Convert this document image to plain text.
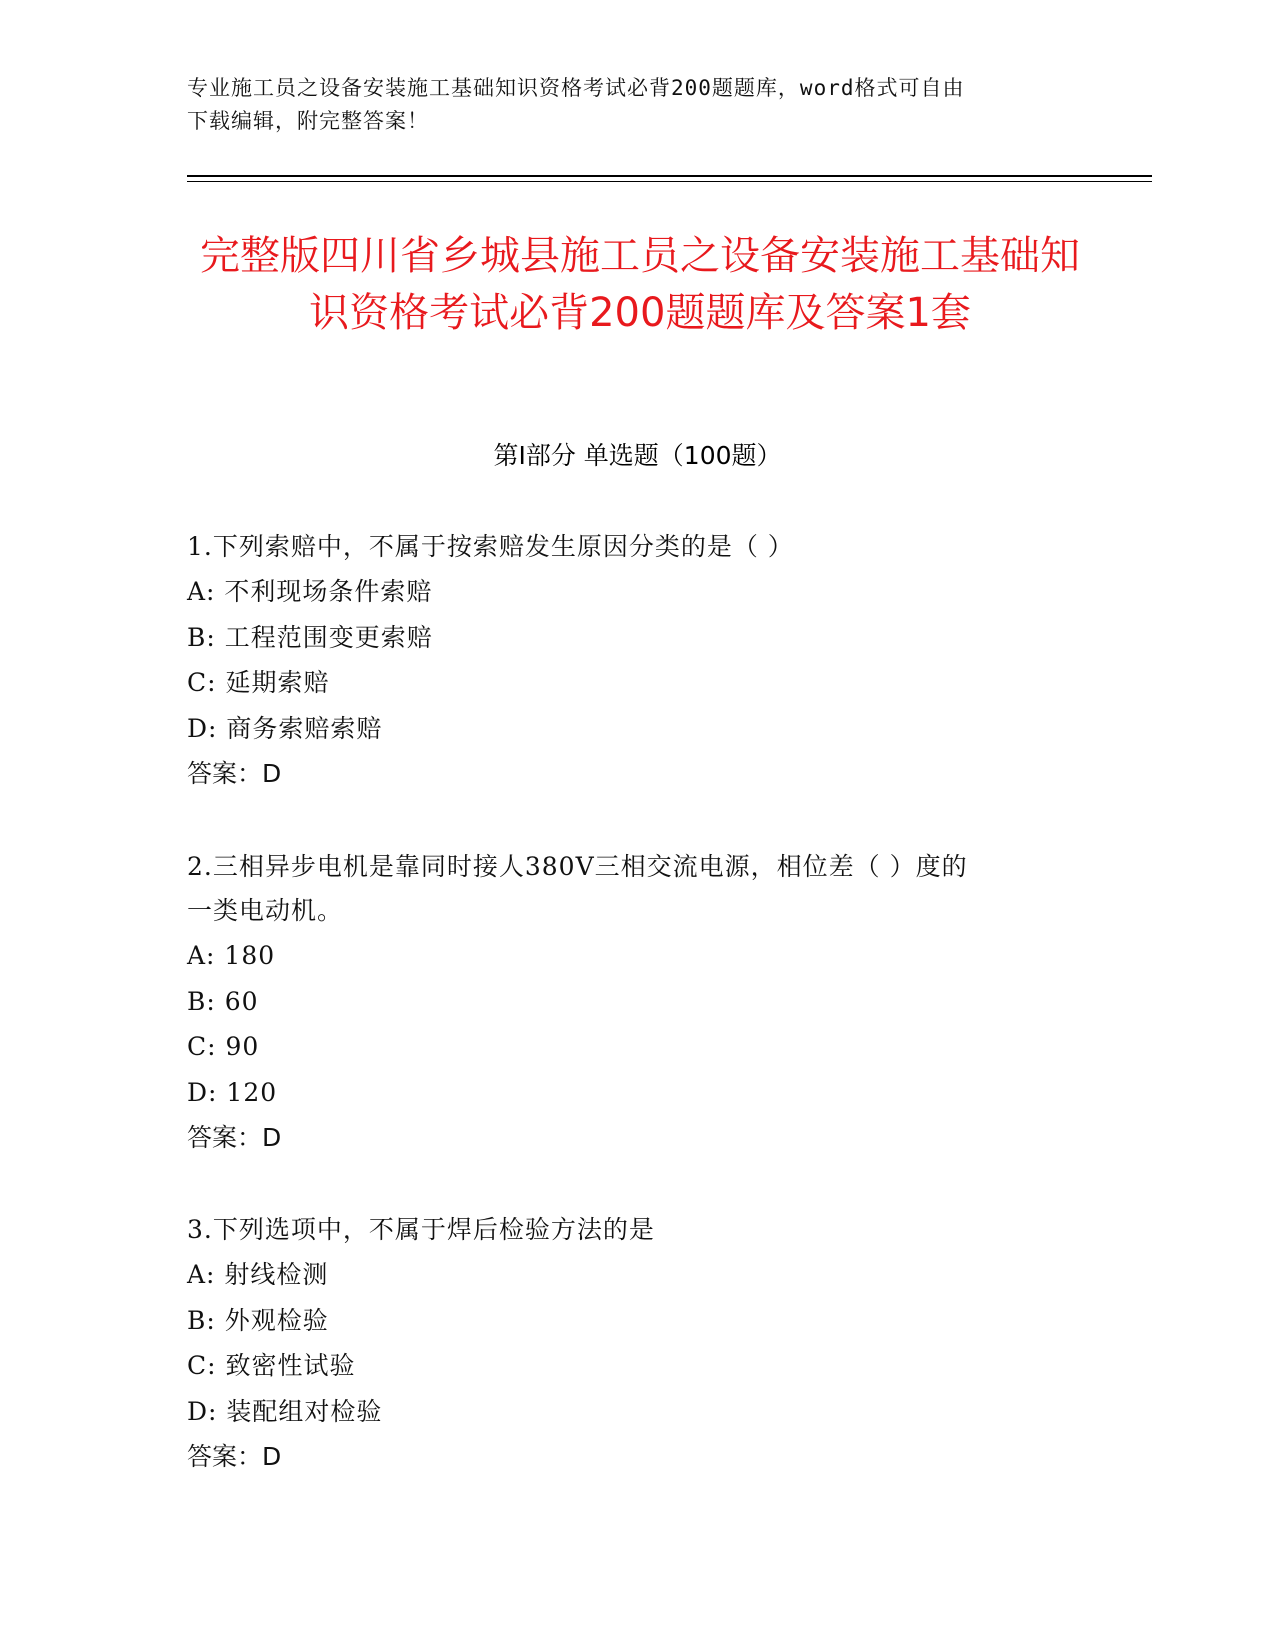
专业施工员之设备安装施工基础知识资格考试必背200题题库，word格式可自由
下载编辑，附完整答案！
完整版四川省乡城县施工员之设备安装施工基础知识资格考试必背200题题库及答案1套
第Ⅰ部分 单选题（100题）
1.下列索赔中，不属于按索赔发生原因分类的是（ ）
A: 不利现场条件索赔
B: 工程范围变更索赔
C: 延期索赔
D: 商务索赔索赔
答案：D
2.三相异步电机是靠同时接人380V三相交流电源，相位差（ ）度的
一类电动机。
A: 180
B: 60
C: 90
D: 120
答案：D
3.下列选项中，不属于焊后检验方法的是
A: 射线检测
B: 外观检验
C: 致密性试验
D: 装配组对检验
答案：D
